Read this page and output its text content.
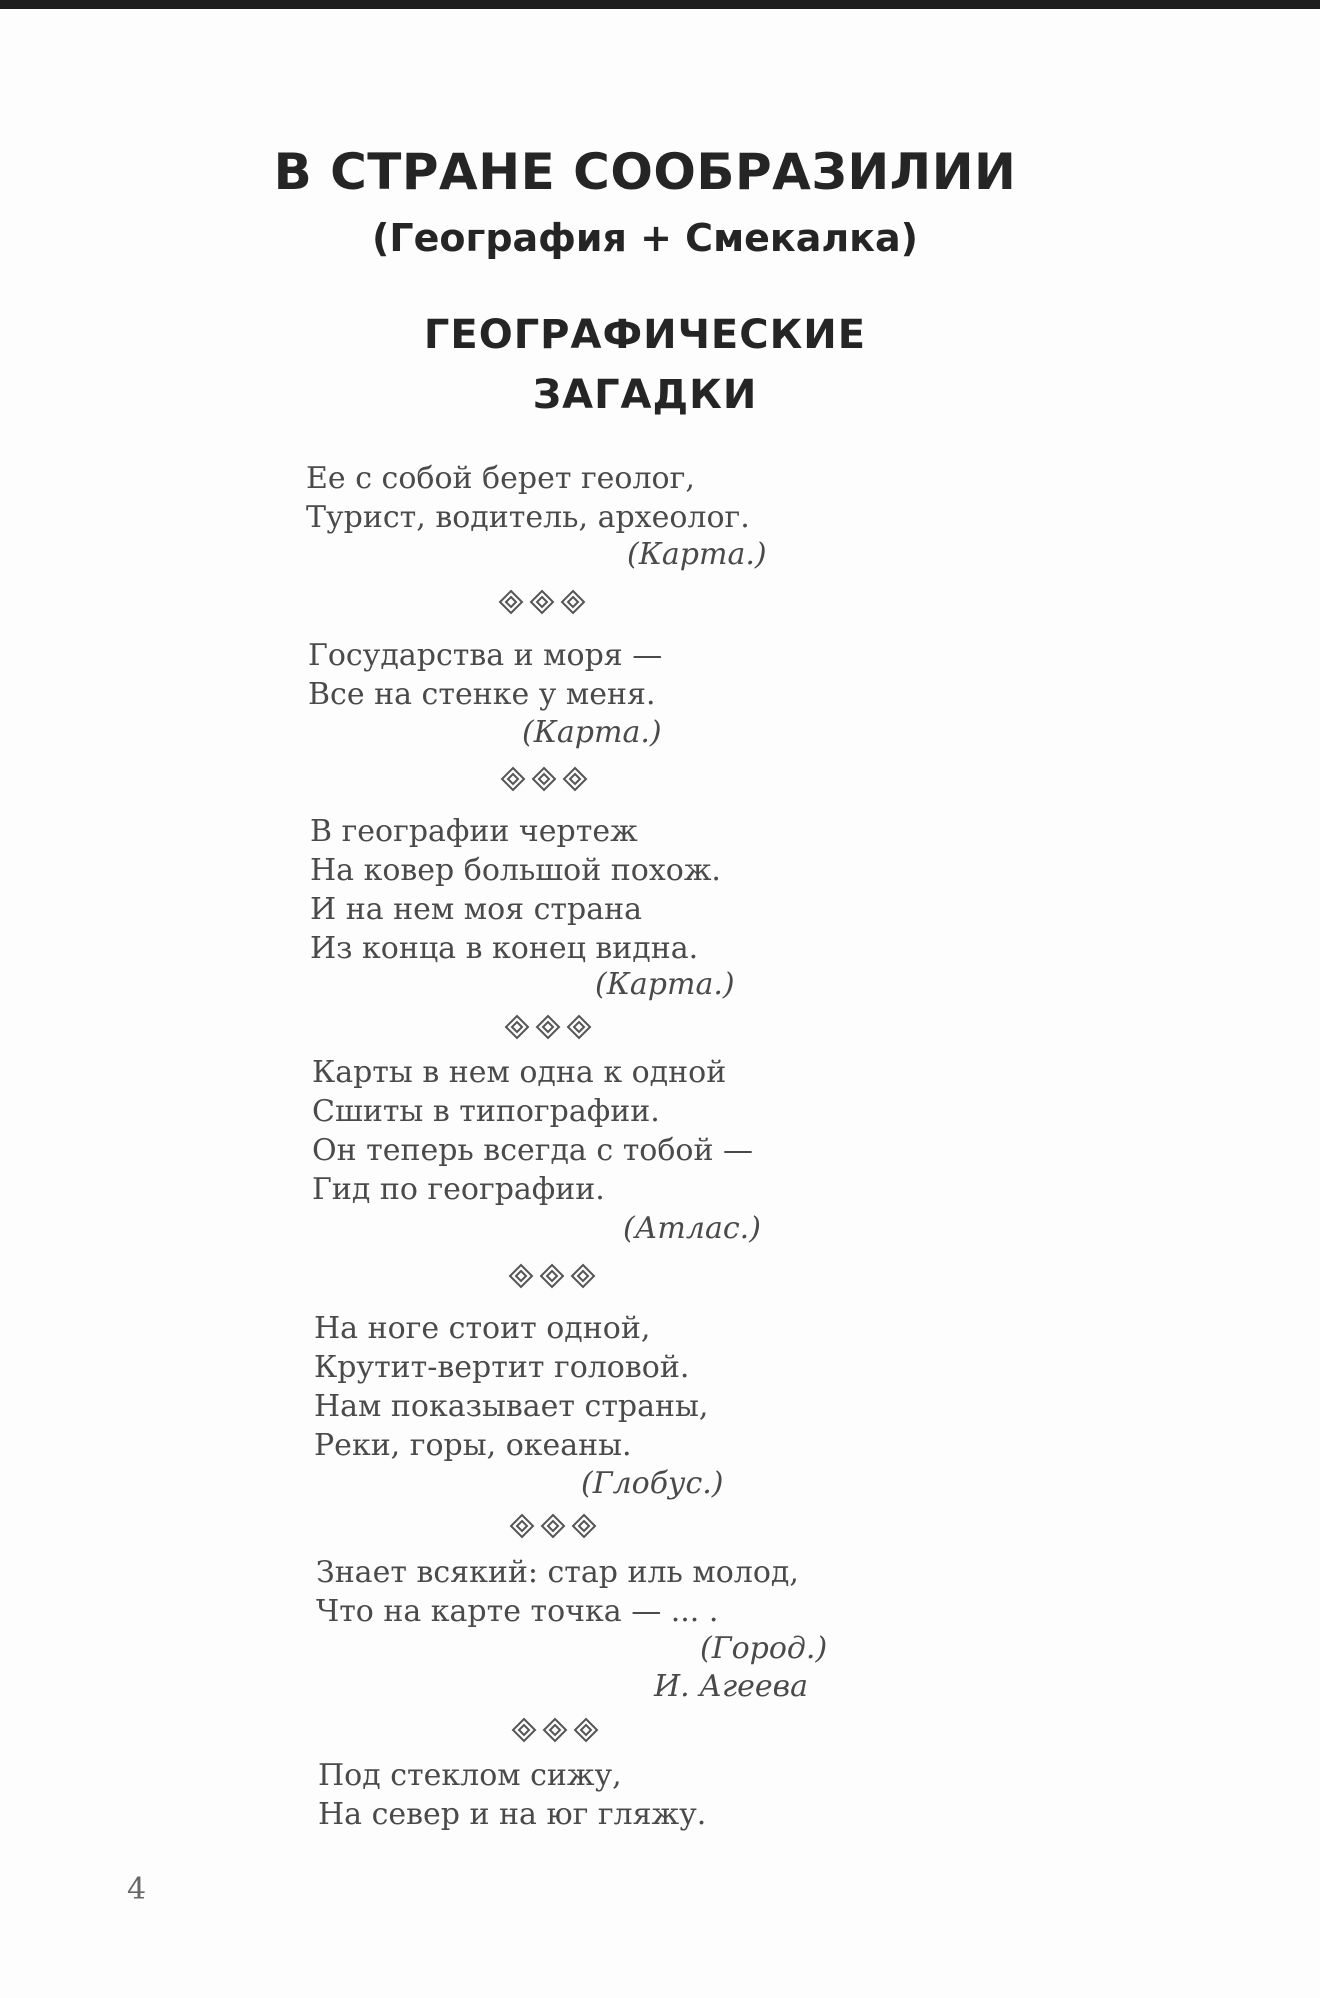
В СТРАНЕ СООБРАЗИЛИИ
(География + Смекалка)
ГЕОГРАФИЧЕСКИЕ
ЗАГАДКИ
Ее с собой берет геолог,
Турист, водитель, археолог.
(Карта.)
Государства и моря —
Все на стенке у меня.
(Карта.)
В географии чертеж
На ковер большой похож.
И на нем моя страна
Из конца в конец видна.
(Карта.)
Карты в нем одна к одной
Сшиты в типографии.
Он теперь всегда с тобой —
Гид по географии.
(Атлас.)
На ноге стоит одной,
Крутит-вертит головой.
Нам показывает страны,
Реки, горы, океаны.
(Глобус.)
Знает всякий: стар иль молод,
Что на карте точка — ... .
(Город.)
И. Агеева
Под стеклом сижу,
На север и на юг гляжу.
4
